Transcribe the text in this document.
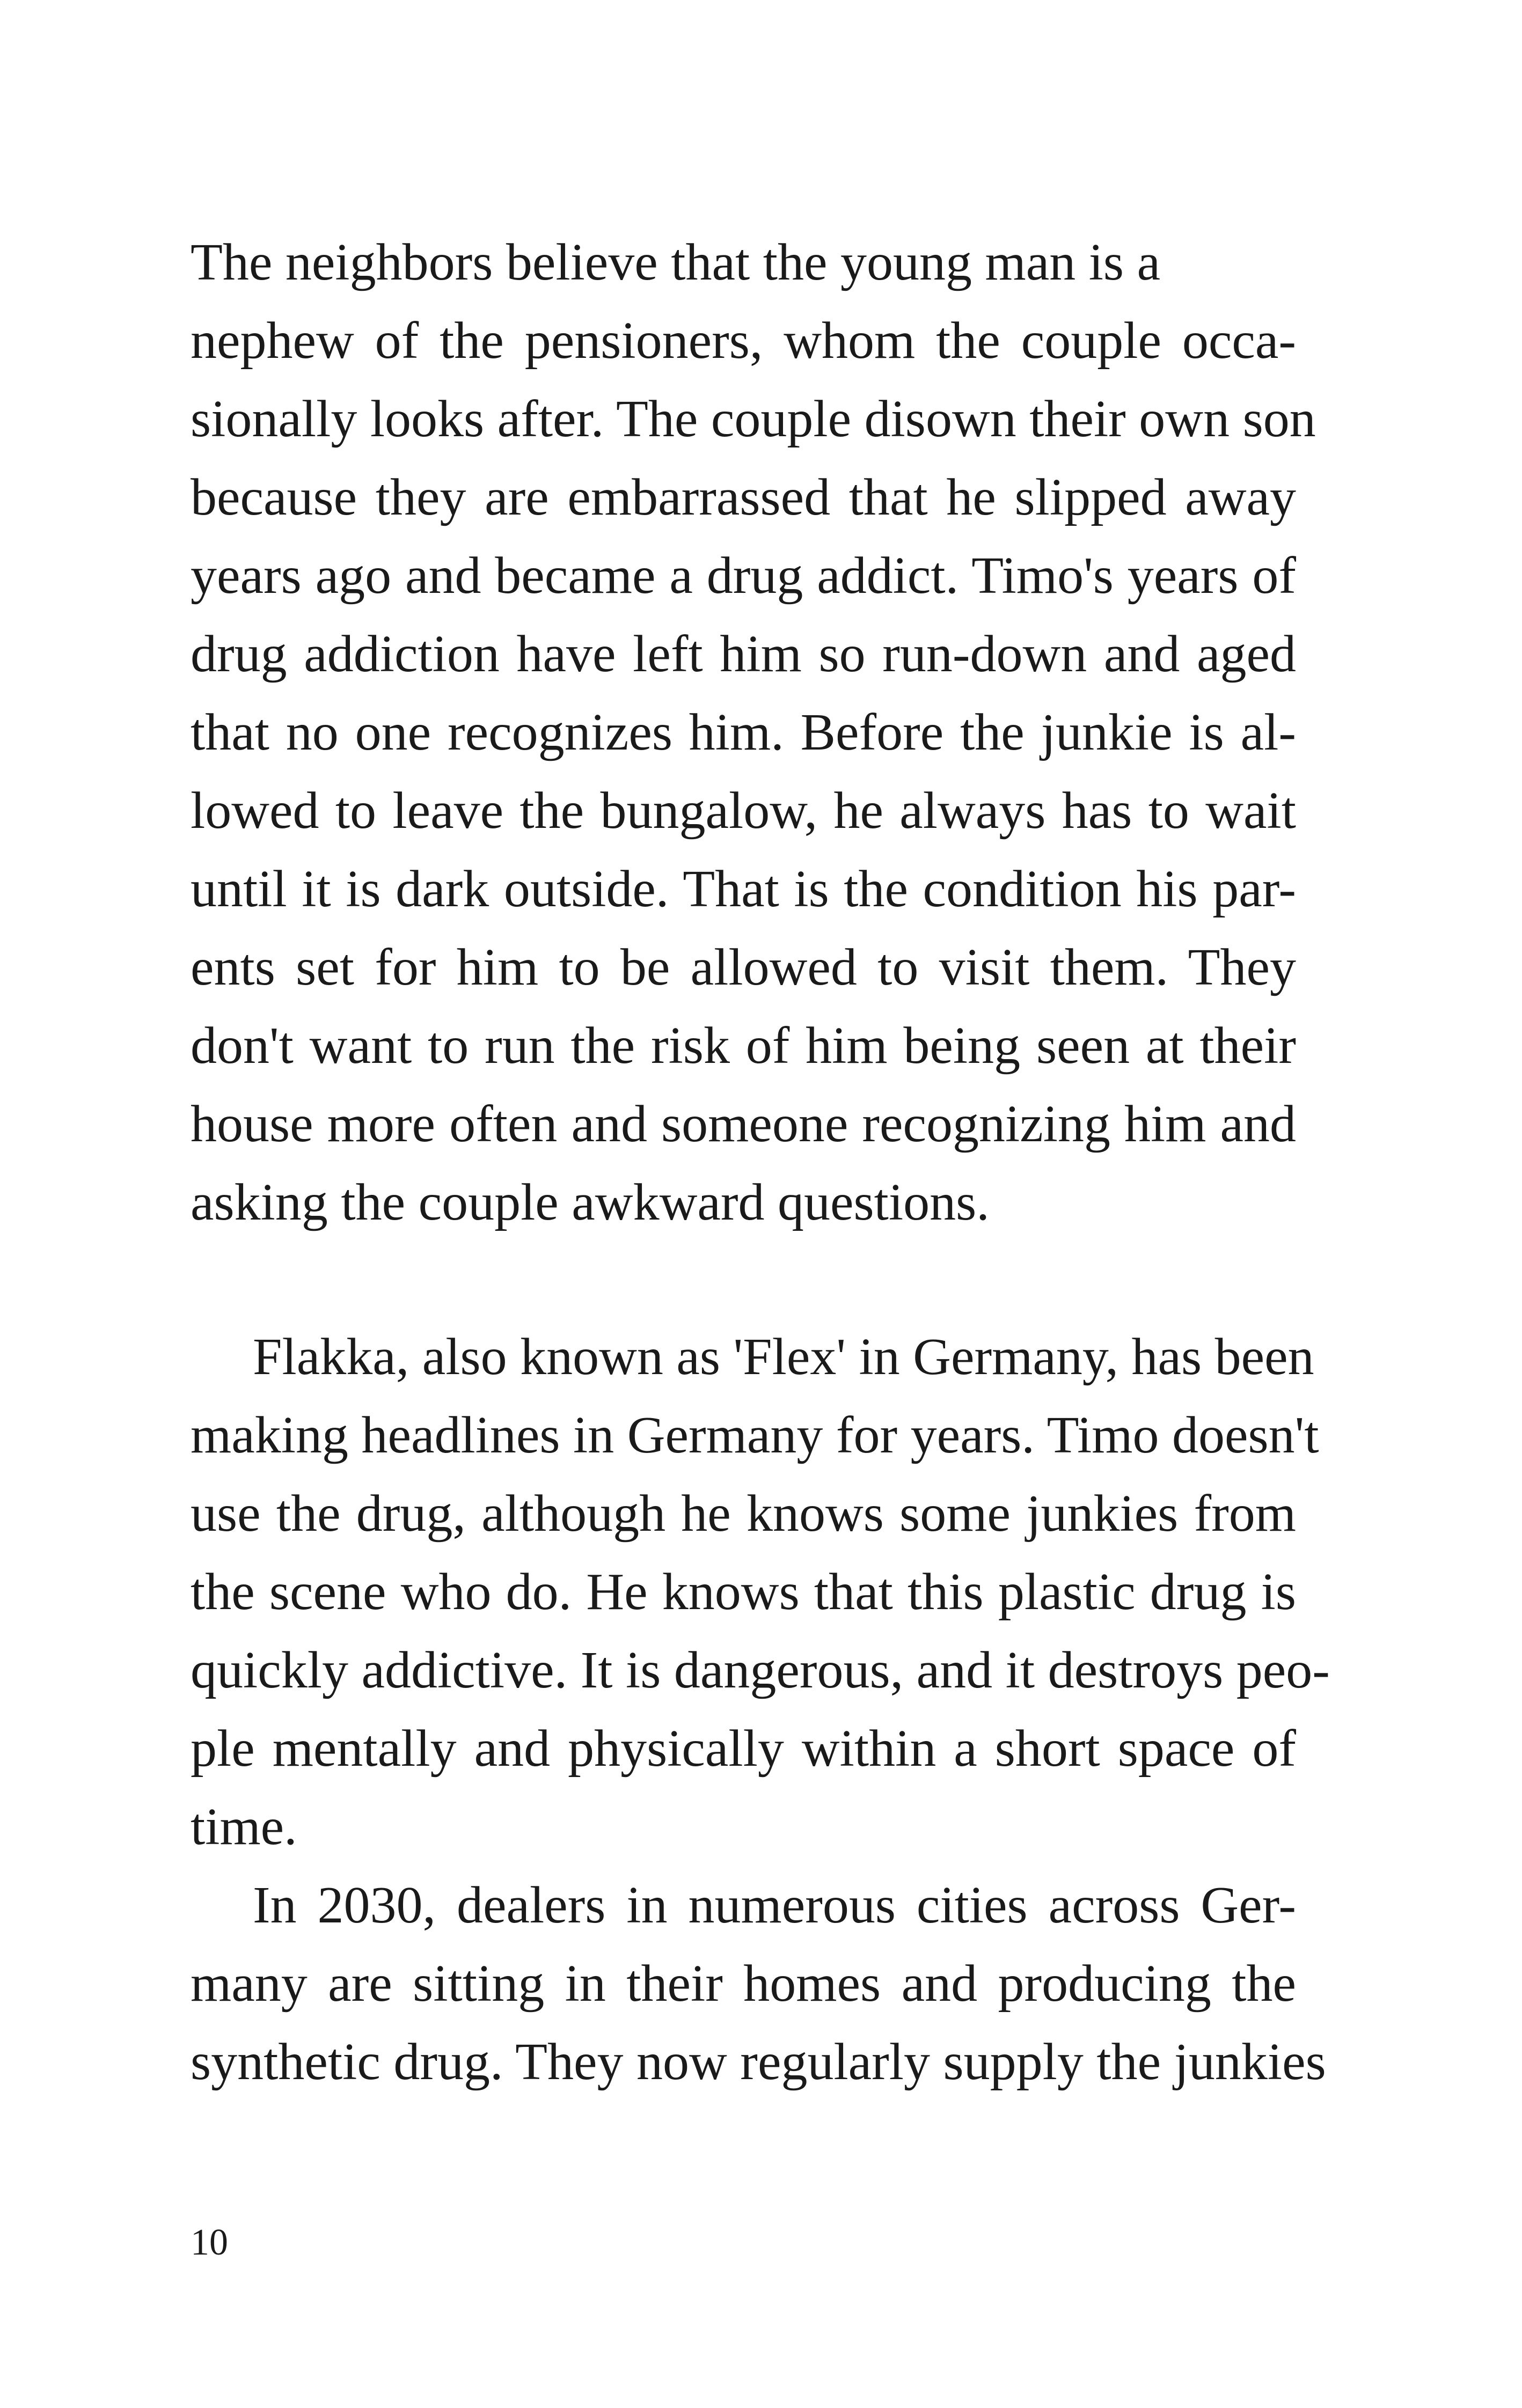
The neighbors believe that the young man is a
nephew of the pensioners, whom the couple occa-
sionally looks after. The couple disown their own son
because they are embarrassed that he slipped away
years ago and became a drug addict. Timo's years of
drug addiction have left him so run-down and aged
that no one recognizes him. Before the junkie is al-
lowed to leave the bungalow, he always has to wait
until it is dark outside. That is the condition his par-
ents set for him to be allowed to visit them. They
don't want to run the risk of him being seen at their
house more often and someone recognizing him and
asking the couple awkward questions.
Flakka, also known as 'Flex' in Germany, has been
making headlines in Germany for years. Timo doesn't
use the drug, although he knows some junkies from
the scene who do. He knows that this plastic drug is
quickly addictive. It is dangerous, and it destroys peo-
ple mentally and physically within a short space of
time.
In 2030, dealers in numerous cities across Ger-
many are sitting in their homes and producing the
synthetic drug. They now regularly supply the junkies
10
